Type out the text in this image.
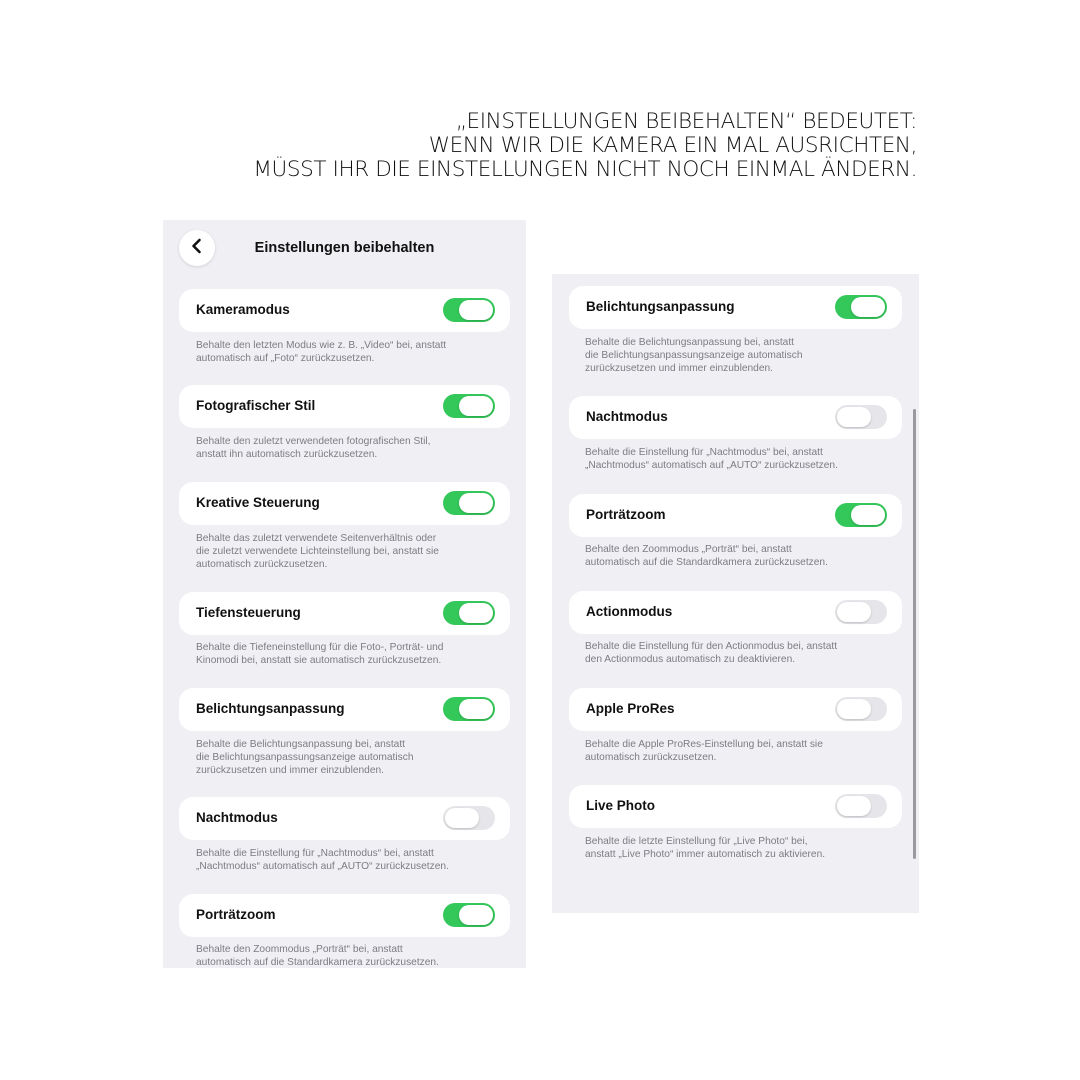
„EINSTELLUNGEN BEIBEHALTEN“ BEDEUTET:
WENN WIR DIE KAMERA EIN MAL AUSRICHTEN,
MÜSST IHR DIE EINSTELLUNGEN NICHT NOCH EINMAL ÄNDERN.
Einstellungen beibehalten
Kameramodus
Behalte den letzten Modus wie z. B. „Video“ bei, anstatt
automatisch auf „Foto“ zurückzusetzen.
Fotografischer Stil
Behalte den zuletzt verwendeten fotografischen Stil,
anstatt ihn automatisch zurückzusetzen.
Kreative Steuerung
Behalte das zuletzt verwendete Seitenverhältnis oder
die zuletzt verwendete Lichteinstellung bei, anstatt sie
automatisch zurückzusetzen.
Tiefensteuerung
Behalte die Tiefeneinstellung für die Foto-, Porträt- und
Kinomodi bei, anstatt sie automatisch zurückzusetzen.
Belichtungsanpassung
Behalte die Belichtungsanpassung bei, anstatt
die Belichtungsanpassungsanzeige automatisch
zurückzusetzen und immer einzublenden.
Nachtmodus
Behalte die Einstellung für „Nachtmodus“ bei, anstatt
„Nachtmodus“ automatisch auf „AUTO“ zurückzusetzen.
Porträtzoom
Behalte den Zoommodus „Porträt“ bei, anstatt
automatisch auf die Standardkamera zurückzusetzen.
Belichtungsanpassung
Behalte die Belichtungsanpassung bei, anstatt
die Belichtungsanpassungsanzeige automatisch
zurückzusetzen und immer einzublenden.
Nachtmodus
Behalte die Einstellung für „Nachtmodus“ bei, anstatt
„Nachtmodus“ automatisch auf „AUTO“ zurückzusetzen.
Porträtzoom
Behalte den Zoommodus „Porträt“ bei, anstatt
automatisch auf die Standardkamera zurückzusetzen.
Actionmodus
Behalte die Einstellung für den Actionmodus bei, anstatt
den Actionmodus automatisch zu deaktivieren.
Apple ProRes
Behalte die Apple ProRes-Einstellung bei, anstatt sie
automatisch zurückzusetzen.
Live Photo
Behalte die letzte Einstellung für „Live Photo“ bei,
anstatt „Live Photo“ immer automatisch zu aktivieren.
